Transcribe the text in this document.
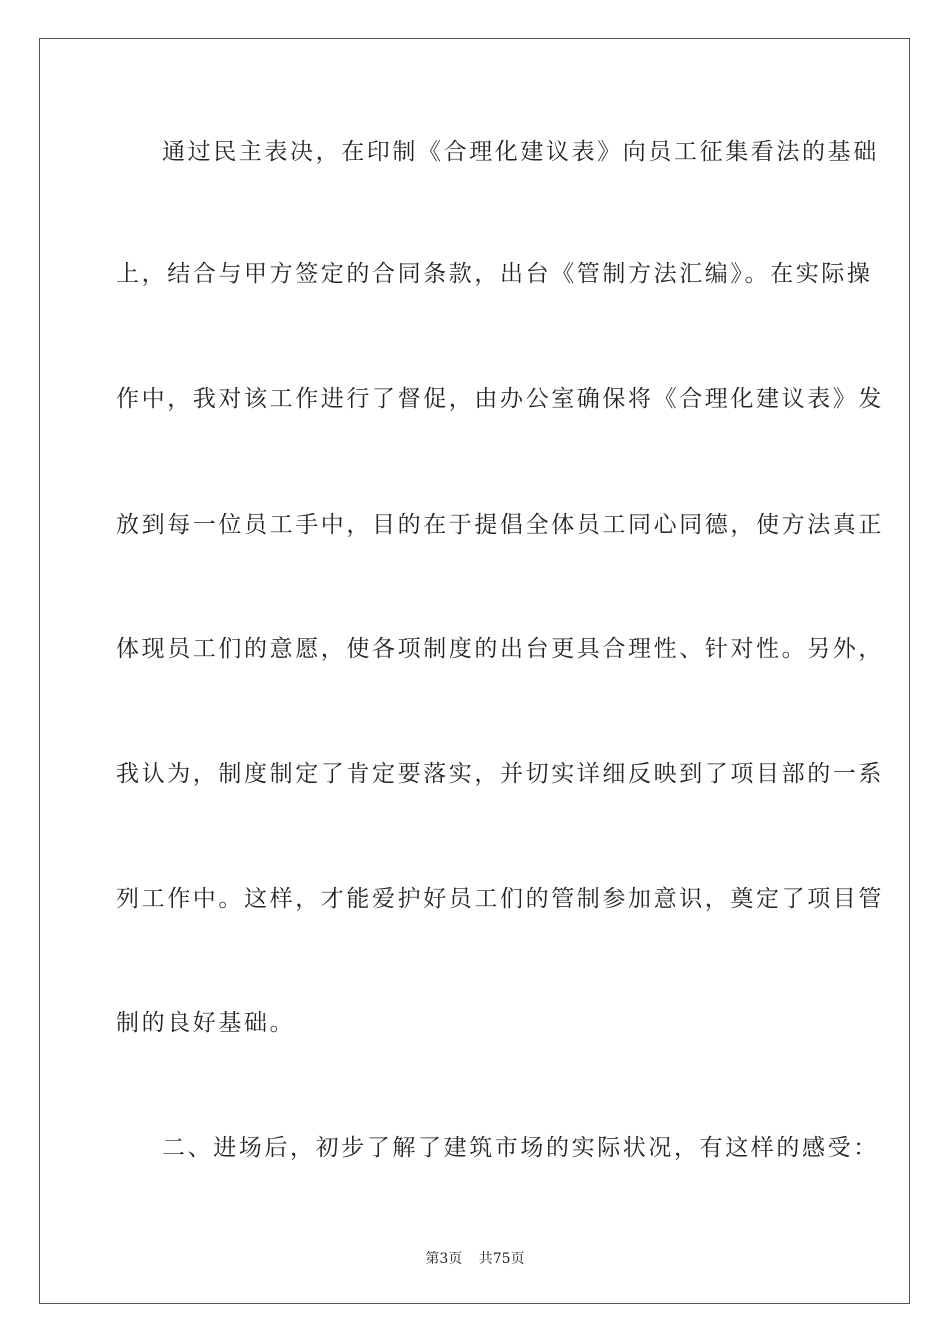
通过民主表决，在印制《合理化建议表》向员工征集看法的基础
上，结合与甲方签定的合同条款，出台《管制方法汇编》。在实际操
作中，我对该工作进行了督促，由办公室确保将《合理化建议表》发
放到每一位员工手中，目的在于提倡全体员工同心同德，使方法真正
体现员工们的意愿，使各项制度的出台更具合理性、针对性。另外，
我认为，制度制定了肯定要落实，并切实详细反映到了项目部的一系
列工作中。这样，才能爱护好员工们的管制参加意识，奠定了项目管
制的良好基础。
二、进场后，初步了解了建筑市场的实际状况，有这样的感受：
第3页 共75页
